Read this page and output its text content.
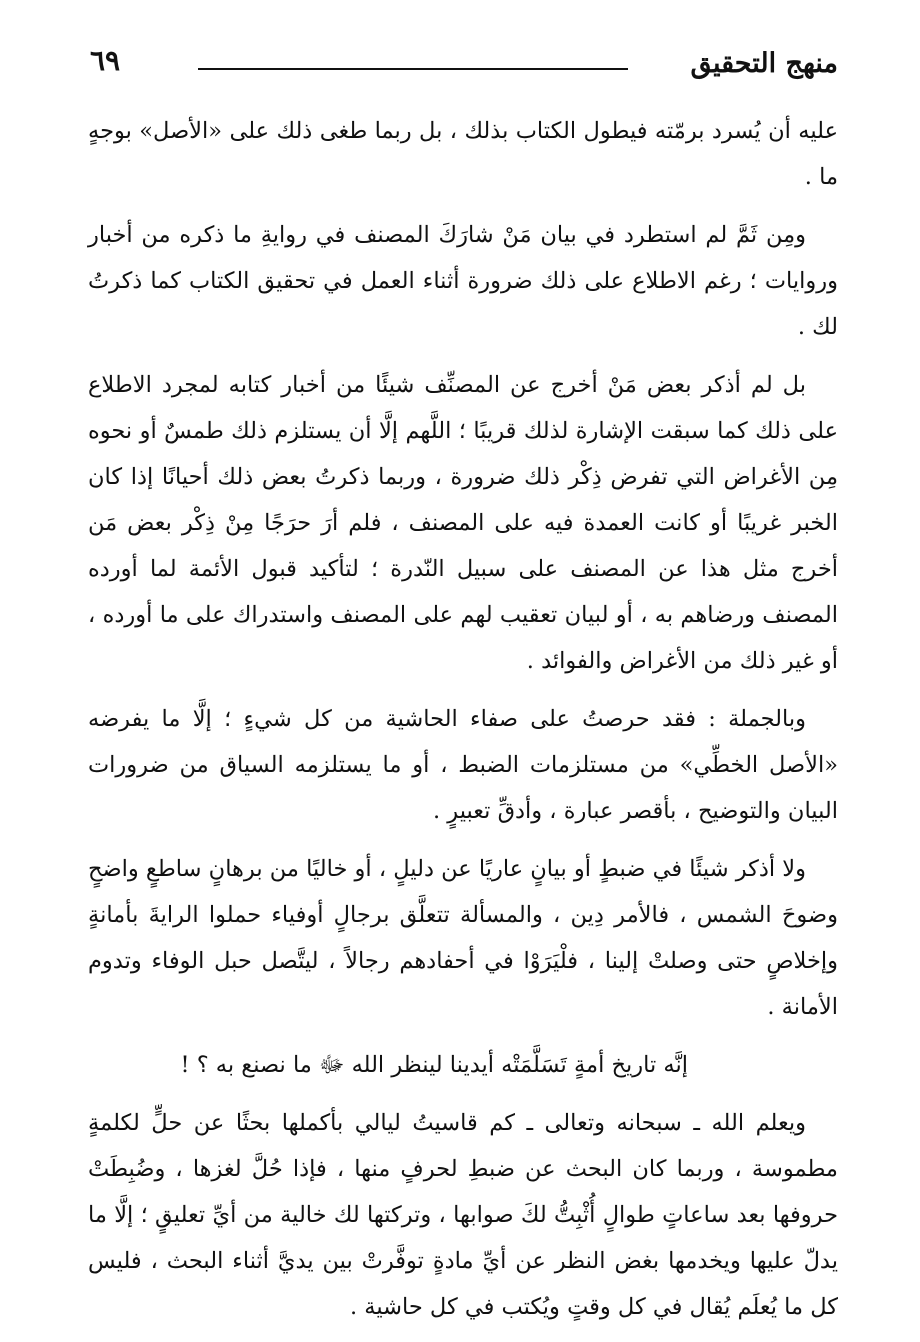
منهج التحقيق
٦٩

عليه أن يُسرد برمّته فيطول الكتاب بذلك ، بل ربما طغى ذلك على «الأصل» بوجهٍ ما .

ومِن ثَمَّ لم استطرد في بيان مَنْ شارَكَ المصنف في روايةِ ما ذكره من أخبار وروايات ؛ رغم الاطلاع على ذلك ضرورة أثناء العمل في تحقيق الكتاب كما ذكرتُ لك .

بل لم أذكر بعض مَنْ أخرج عن المصنِّف شيئًا من أخبار كتابه لمجرد الاطلاع على ذلك كما سبقت الإشارة لذلك قريبًا ؛ اللَّهم إلَّا أن يستلزم ذلك طمسٌ أو نحوه مِن الأغراض التي تفرض ذِكْر ذلك ضرورة ، وربما ذكرتُ بعض ذلك أحيانًا إذا كان الخبر غريبًا أو كانت العمدة فيه على المصنف ، فلم أرَ حرَجًا مِنْ ذِكْر بعض مَن أخرج مثل هذا عن المصنف على سبيل النّدرة ؛ لتأكيد قبول الأئمة لما أورده المصنف ورضاهم به ، أو لبيان تعقيب لهم على المصنف واستدراك على ما أورده ، أو غير ذلك من الأغراض والفوائد .

وبالجملة : فقد حرصتُ على صفاء الحاشية من كل شيءٍ ؛ إلَّا ما يفرضه «الأصل الخطِّي» من مستلزمات الضبط ، أو ما يستلزمه السياق من ضرورات البيان والتوضيح ، بأقصر عبارة ، وأدقِّ تعبيرٍ .

ولا أذكر شيئًا في ضبطٍ أو بيانٍ عاريًا عن دليلٍ ، أو خاليًا من برهانٍ ساطعٍ واضحٍ وضوحَ الشمس ، فالأمر دِين ، والمسألة تتعلَّق برجالٍ أوفياء حملوا الرايةَ بأمانةٍ وإخلاصٍ حتى وصلتْ إلينا ، فلْيَرَوْا في أحفادهم رجالاً ، ليتَّصل حبل الوفاء وتدوم الأمانة .

إنَّه تاريخ أمةٍ تَسَلَّمَتْه أيدينا لينظر الله ﷻ ما نصنع به ؟ !

ويعلم الله ـ سبحانه وتعالى ـ كم قاسيتُ ليالي بأكملها بحثًا عن حلٍّ لكلمةٍ مطموسة ، وربما كان البحث عن ضبطِ لحرفٍ منها ، فإذا حُلَّ لغزها ، وضُبِطَتْ حروفها بعد ساعاتٍ طوالٍ أُثْبِتُّ لكَ صوابها ، وتركتها لك خالية من أيِّ تعليقٍ ؛ إلَّا ما يدلّ عليها ويخدمها بغض النظر عن أيِّ مادةٍ توفَّرتْ بين يديَّ أثناء البحث ، فليس كل ما يُعلَم يُقال في كل وقتٍ ويُكتب في كل حاشية .
